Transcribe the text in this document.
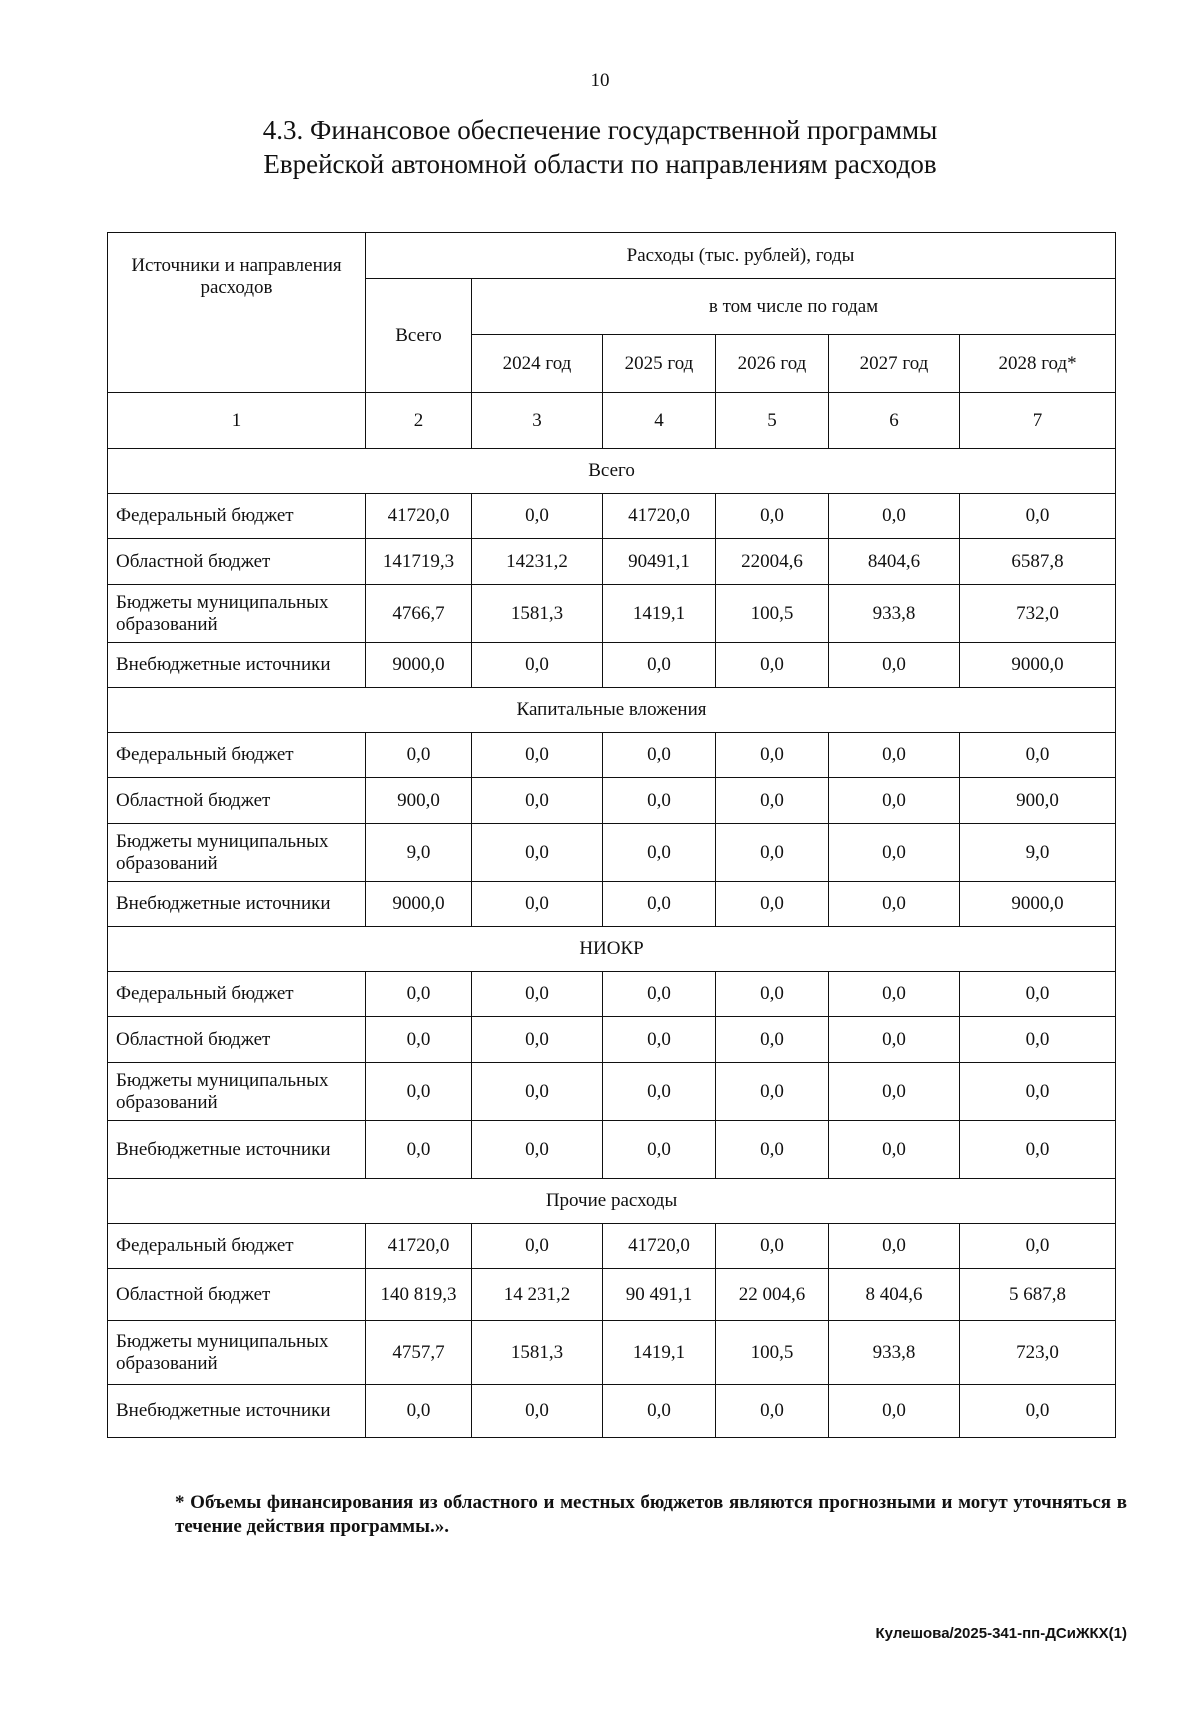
10
4.3. Финансовое обеспечение государственной программы
Еврейской автономной области по направлениям расходов
Источники и направления расходов	Расходы (тыс. рублей), годы					
	Всего	в том числе по годам				
		2024 год	2025 год	2026 год	2027 год	2028 год*
1	2	3	4	5	6	7
Всего						
Федеральный бюджет	41720,0	0,0	41720,0	0,0	0,0	0,0
Областной бюджет	141719,3	14231,2	90491,1	22004,6	8404,6	6587,8
Бюджеты муниципальных образований	4766,7	1581,3	1419,1	100,5	933,8	732,0
Внебюджетные источники	9000,0	0,0	0,0	0,0	0,0	9000,0
Капитальные вложения						
Федеральный бюджет	0,0	0,0	0,0	0,0	0,0	0,0
Областной бюджет	900,0	0,0	0,0	0,0	0,0	900,0
Бюджеты муниципальных образований	9,0	0,0	0,0	0,0	0,0	9,0
Внебюджетные источники	9000,0	0,0	0,0	0,0	0,0	9000,0
НИОКР						
Федеральный бюджет	0,0	0,0	0,0	0,0	0,0	0,0
Областной бюджет	0,0	0,0	0,0	0,0	0,0	0,0
Бюджеты муниципальных образований	0,0	0,0	0,0	0,0	0,0	0,0
Внебюджетные источники	0,0	0,0	0,0	0,0	0,0	0,0
Прочие расходы						
Федеральный бюджет	41720,0	0,0	41720,0	0,0	0,0	0,0
Областной бюджет	140 819,3	14 231,2	90 491,1	22 004,6	8 404,6	5 687,8
Бюджеты муниципальных образований	4757,7	1581,3	1419,1	100,5	933,8	723,0
Внебюджетные источники	0,0	0,0	0,0	0,0	0,0	0,0
* Объемы финансирования из областного и местных бюджетов являются прогнозными и могут уточняться в течение действия программы.».
Кулешова/2025-341-пп-ДСиЖКХ(1)
